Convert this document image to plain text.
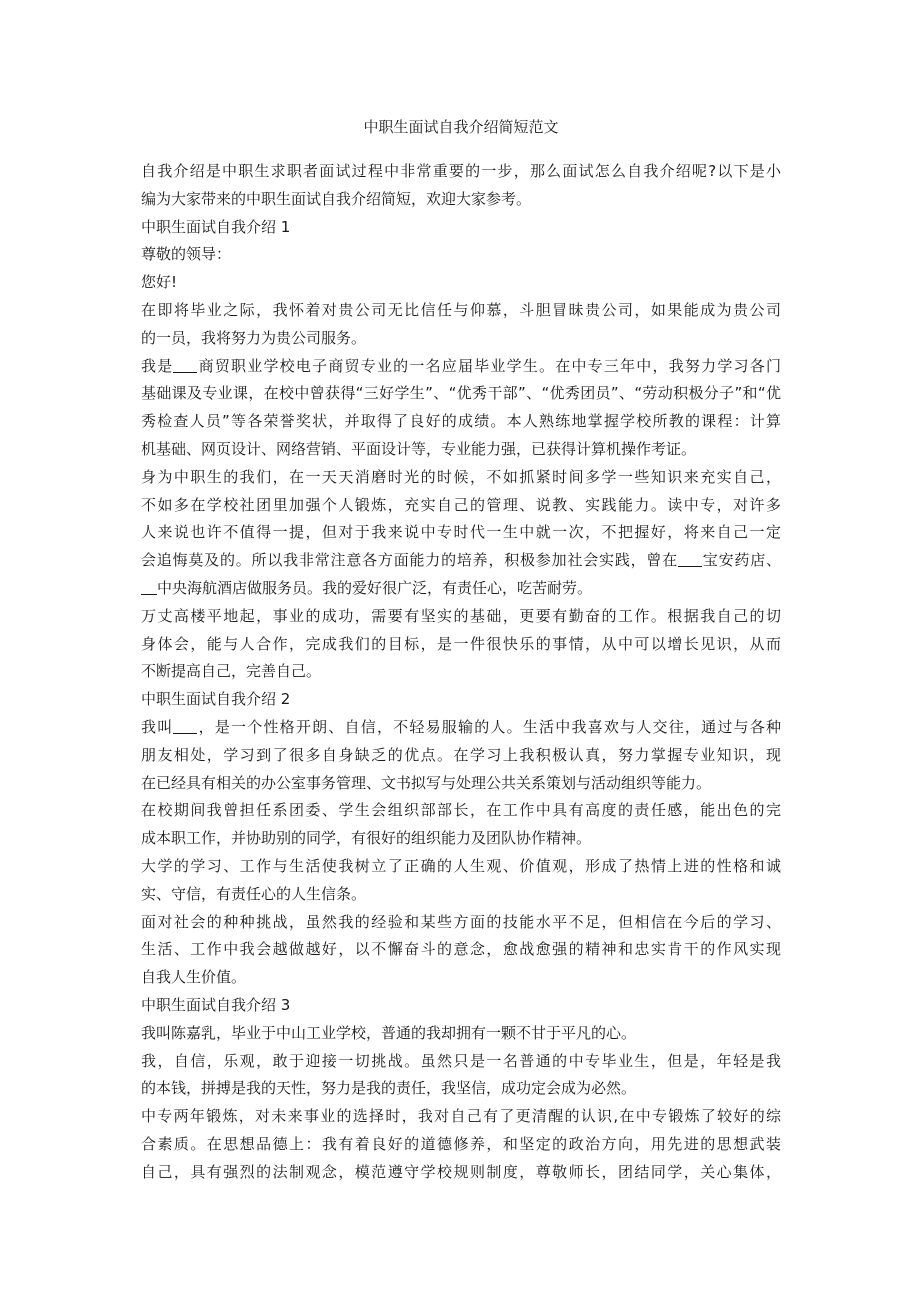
中职生面试自我介绍简短范文
自我介绍是中职生求职者面试过程中非常重要的一步，那么面试怎么自我介绍呢?以下是小
编为大家带来的中职生面试自我介绍简短，欢迎大家参考。
中职生面试自我介绍 1
尊敬的领导：
您好!
在即将毕业之际，我怀着对贵公司无比信任与仰慕，斗胆冒昧贵公司，如果能成为贵公司
的一员，我将努力为贵公司服务。
我是 商贸职业学校电子商贸专业的一名应届毕业学生。在中专三年中，我努力学习各门
基础课及专业课，在校中曾获得“三好学生”、“优秀干部”、“优秀团员”、“劳动积极分子”和“优
秀检查人员”等各荣誉奖状，并取得了良好的成绩。本人熟练地掌握学校所教的课程：计算
机基础、网页设计、网络营销、平面设计等，专业能力强，已获得计算机操作考证。
身为中职生的我们，在一天天消磨时光的时候，不如抓紧时间多学一些知识来充实自己，
不如多在学校社团里加强个人锻炼，充实自己的管理、说教、实践能力。读中专，对许多
人来说也许不值得一提，但对于我来说中专时代一生中就一次，不把握好，将来自己一定
会追悔莫及的。所以我非常注意各方面能力的培养，积极参加社会实践，曾在 宝安药店、
中央海航酒店做服务员。我的爱好很广泛，有责任心，吃苦耐劳。
万丈高楼平地起，事业的成功，需要有坚实的基础，更要有勤奋的工作。根据我自己的切
身体会，能与人合作，完成我们的目标，是一件很快乐的事情，从中可以增长见识，从而
不断提高自己，完善自己。
中职生面试自我介绍 2
我叫 ，是一个性格开朗、自信，不轻易服输的人。生活中我喜欢与人交往，通过与各种
朋友相处，学习到了很多自身缺乏的优点。在学习上我积极认真，努力掌握专业知识，现
在已经具有相关的办公室事务管理、文书拟写与处理公共关系策划与活动组织等能力。
在校期间我曾担任系团委、学生会组织部部长，在工作中具有高度的责任感，能出色的完
成本职工作，并协助别的同学，有很好的组织能力及团队协作精神。
大学的学习、工作与生活使我树立了正确的人生观、价值观，形成了热情上进的性格和诚
实、守信，有责任心的人生信条。
面对社会的种种挑战，虽然我的经验和某些方面的技能水平不足，但相信在今后的学习、
生活、工作中我会越做越好，以不懈奋斗的意念，愈战愈强的精神和忠实肯干的作风实现
自我人生价值。
中职生面试自我介绍 3
我叫陈嘉乳，毕业于中山工业学校，普通的我却拥有一颗不甘于平凡的心。
我，自信，乐观，敢于迎接一切挑战。虽然只是一名普通的中专毕业生，但是，年轻是我
的本钱，拼搏是我的天性，努力是我的责任，我坚信，成功定会成为必然。
中专两年锻炼，对未来事业的选择时，我对自己有了更清醒的认识,在中专锻炼了较好的综
合素质。在思想品德上：我有着良好的道德修养，和坚定的政治方向，用先进的思想武装
自己，具有强烈的法制观念，模范遵守学校规则制度，尊敬师长，团结同学，关心集体，
